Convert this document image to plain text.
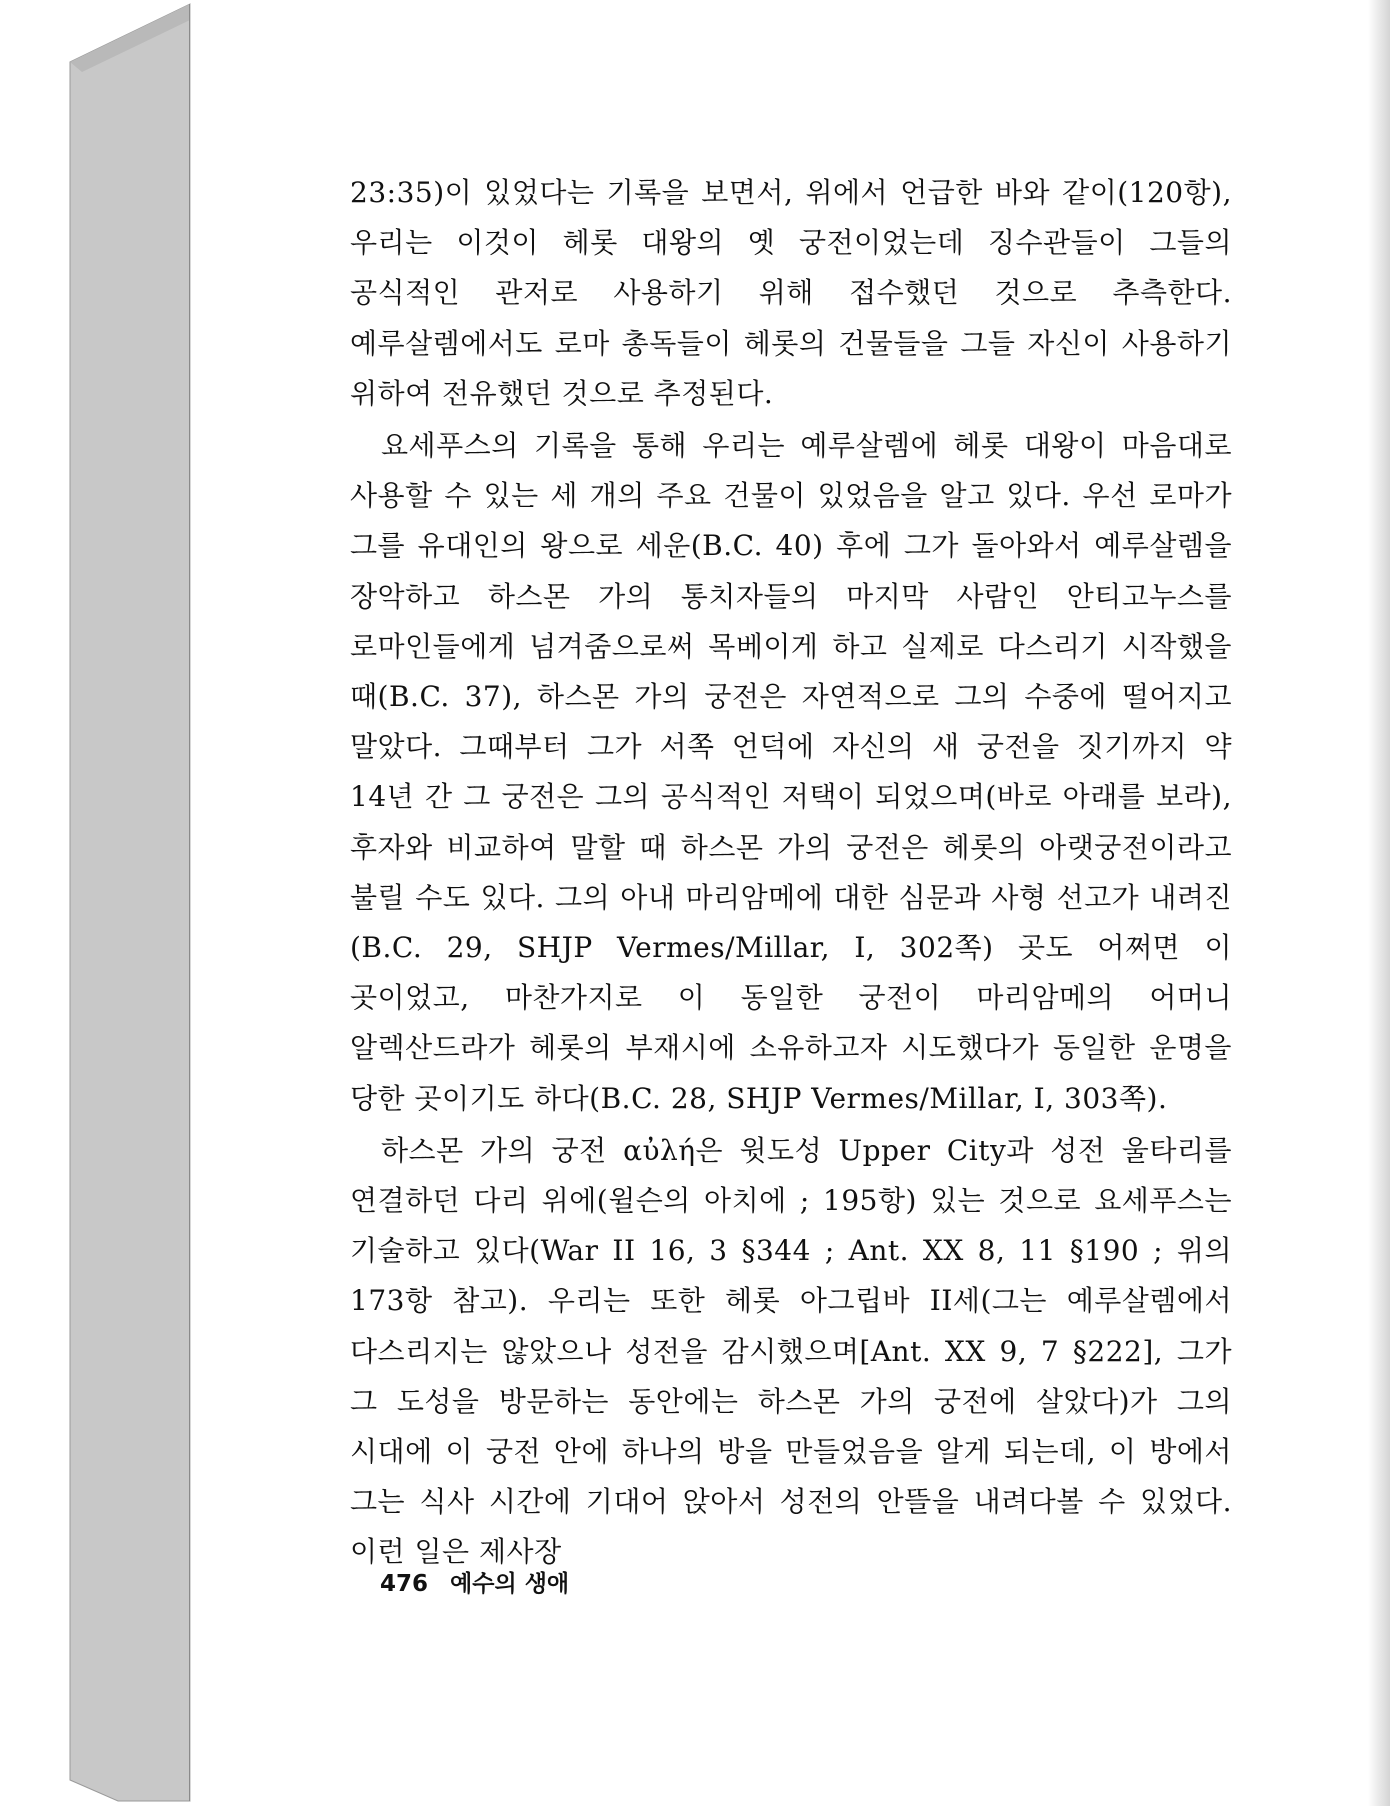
23:35)이 있었다는 기록을 보면서, 위에서 언급한 바와 같이(120항), 우리는 이것이 헤롯 대왕의 옛 궁전이었는데 징수관들이 그들의 공식적인 관저로 사용하기 위해 접수했던 것으로 추측한다. 예루살렘에서도 로마 총독들이 헤롯의 건물들을 그들 자신이 사용하기 위하여 전유했던 것으로 추정된다.

요세푸스의 기록을 통해 우리는 예루살렘에 헤롯 대왕이 마음대로 사용할 수 있는 세 개의 주요 건물이 있었음을 알고 있다. 우선 로마가 그를 유대인의 왕으로 세운(B.C. 40) 후에 그가 돌아와서 예루살렘을 장악하고 하스몬 가의 통치자들의 마지막 사람인 안티고누스를 로마인들에게 넘겨줌으로써 목베이게 하고 실제로 다스리기 시작했을 때(B.C. 37), 하스몬 가의 궁전은 자연적으로 그의 수중에 떨어지고 말았다. 그때부터 그가 서쪽 언덕에 자신의 새 궁전을 짓기까지 약 14년 간 그 궁전은 그의 공식적인 저택이 되었으며(바로 아래를 보라), 후자와 비교하여 말할 때 하스몬 가의 궁전은 헤롯의 아랫궁전이라고 불릴 수도 있다. 그의 아내 마리암메에 대한 심문과 사형 선고가 내려진(B.C. 29, SHJP Vermes/Millar, I, 302쪽) 곳도 어쩌면 이 곳이었고, 마찬가지로 이 동일한 궁전이 마리암메의 어머니 알렉산드라가 헤롯의 부재시에 소유하고자 시도했다가 동일한 운명을 당한 곳이기도 하다(B.C. 28, SHJP Vermes/Millar, I, 303쪽).

하스몬 가의 궁전 αὐλή은 윗도성 Upper City과 성전 울타리를 연결하던 다리 위에(윌슨의 아치에 ; 195항) 있는 것으로 요세푸스는 기술하고 있다(War II 16, 3 §344 ; Ant. XX 8, 11 §190 ; 위의 173항 참고). 우리는 또한 헤롯 아그립바 II세(그는 예루살렘에서 다스리지는 않았으나 성전을 감시했으며[Ant. XX 9, 7 §222], 그가 그 도성을 방문하는 동안에는 하스몬 가의 궁전에 살았다)가 그의 시대에 이 궁전 안에 하나의 방을 만들었음을 알게 되는데, 이 방에서 그는 식사 시간에 기대어 앉아서 성전의 안뜰을 내려다볼 수 있었다. 이런 일은 제사장

476 예수의 생애
